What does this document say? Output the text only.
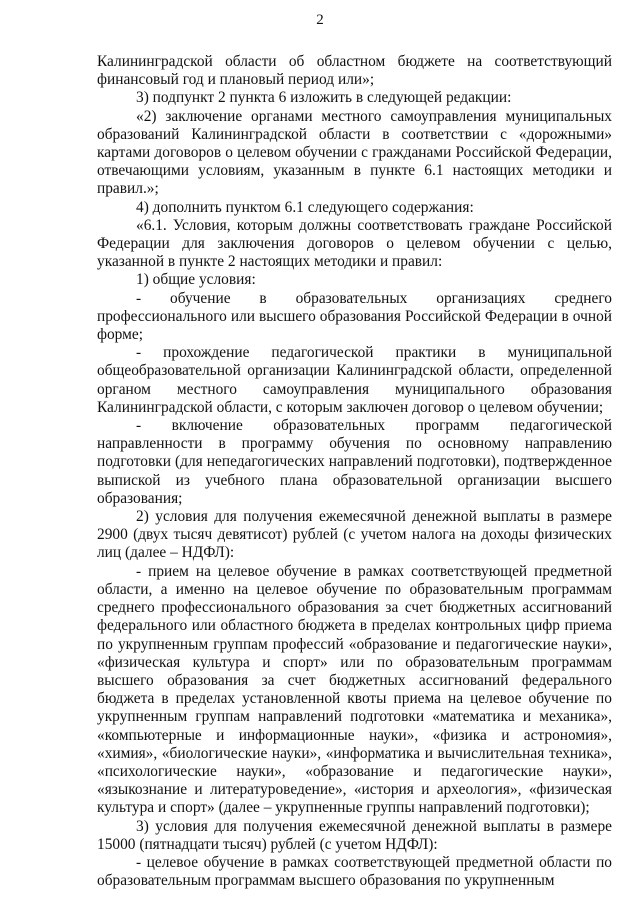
2

Калининградской области об областном бюджете на соответствующий финансовый год и плановый период или»;

3) подпункт 2 пункта 6 изложить в следующей редакции:

«2) заключение органами местного самоуправления муниципальных образований Калининградской области в соответствии с «дорожными» картами договоров о целевом обучении с гражданами Российской Федерации, отвечающими условиям, указанным в пункте 6.1 настоящих методики и правил.»;

4) дополнить пунктом 6.1 следующего содержания:

«6.1. Условия, которым должны соответствовать граждане Российской Федерации для заключения договоров о целевом обучении с целью, указанной в пункте 2 настоящих методики и правил:

1) общие условия:

- обучение в образовательных организациях среднего профессионального или высшего образования Российской Федерации в очной форме;

- прохождение педагогической практики в муниципальной общеобразовательной организации Калининградской области, определенной органом местного самоуправления муниципального образования Калининградской области, с которым заключен договор о целевом обучении;

- включение образовательных программ педагогической направленности в программу обучения по основному направлению подготовки (для непедагогических направлений подготовки), подтвержденное выпиской из учебного плана образовательной организации высшего образования;

2) условия для получения ежемесячной денежной выплаты в размере 2900 (двух тысяч девятисот) рублей (с учетом налога на доходы физических лиц (далее – НДФЛ):

- прием на целевое обучение в рамках соответствующей предметной области, а именно на целевое обучение по образовательным программам среднего профессионального образования за счет бюджетных ассигнований федерального или областного бюджета в пределах контрольных цифр приема по укрупненным группам профессий «образование и педагогические науки», «физическая культура и спорт» или по образовательным программам высшего образования за счет бюджетных ассигнований федерального бюджета в пределах установленной квоты приема на целевое обучение по укрупненным группам направлений подготовки «математика и механика», «компьютерные и информационные науки», «физика и астрономия», «химия», «биологические науки», «информатика и вычислительная техника», «психологические науки», «образование и педагогические науки», «языкознание и литературоведение», «история и археология», «физическая культура и спорт» (далее – укрупненные группы направлений подготовки);

3) условия для получения ежемесячной денежной выплаты в размере 15000 (пятнадцати тысяч) рублей (с учетом НДФЛ):

- целевое обучение в рамках соответствующей предметной области по образовательным программам высшего образования по укрупненным
